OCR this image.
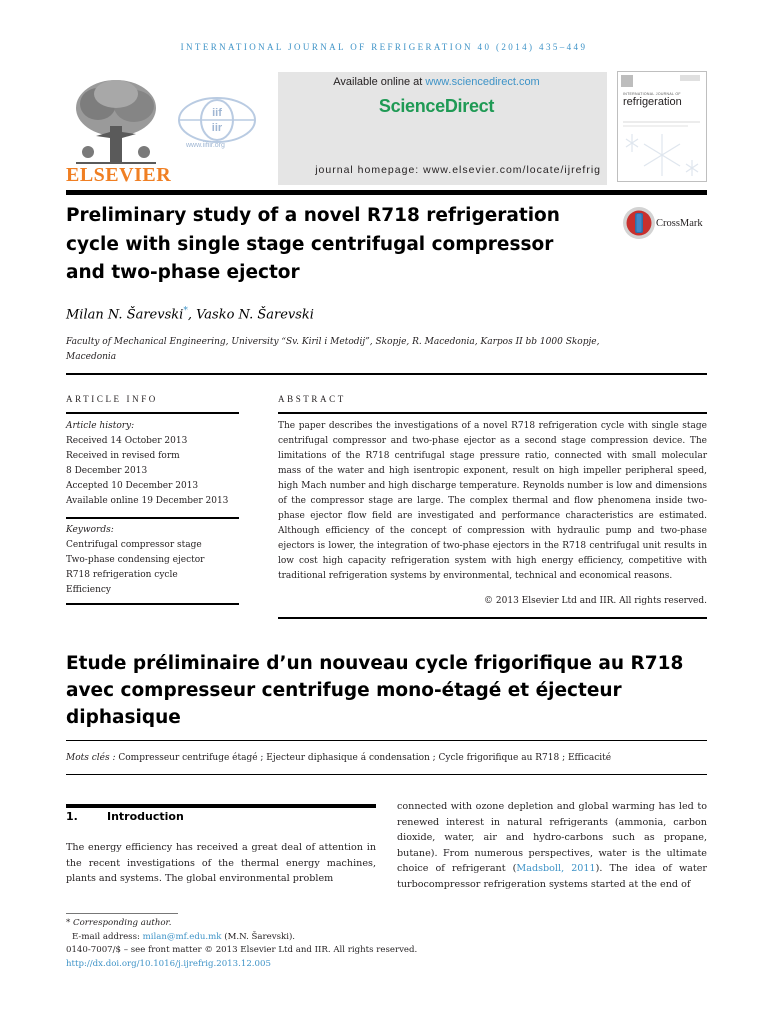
INTERNATIONAL JOURNAL OF REFRIGERATION 40 (2014) 435–449
ELSEVIER
iif
iir
www.iifiir.org
Available online at www.sciencedirect.com
ScienceDirect
journal homepage: www.elsevier.com/locate/ijrefrig
INTERNATIONAL JOURNAL OF
refrigeration
Preliminary study of a novel R718 refrigeration
cycle with single stage centrifugal compressor
and two-phase ejector
CrossMark
Milan N. Šarevski*, Vasko N. Šarevski
Faculty of Mechanical Engineering, University “Sv. Kiril i Metodij”, Skopje, R. Macedonia, Karpos II bb 1000 Skopje,
Macedonia
ARTICLE INFO	ABSTRACT
Article history:
Received 14 October 2013
Received in revised form
8 December 2013
Accepted 10 December 2013
Available online 19 December 2013
Keywords:
Centrifugal compressor stage
Two-phase condensing ejector
R718 refrigeration cycle
Efficiency

The paper describes the investigations of a novel R718 refrigeration cycle with single stage centrifugal compressor and two-phase ejector as a second stage compression device. The limitations of the R718 centrifugal stage pressure ratio, connected with small molecular mass of the water and high isentropic exponent, result on high impeller peripheral speed, high Mach number and high discharge temperature. Reynolds number is low and dimensions of the compressor stage are large. The complex thermal and flow phenomena inside two-phase ejector flow field are investigated and performance characteristics are estimated. Although efficiency of the concept of compression with hydraulic pump and two-phase ejectors is lower, the integration of two-phase ejectors in the R718 centrifugal unit results in low cost high capacity refrigeration system with high energy efficiency, competitive with traditional refrigeration systems by environmental, technical and economical reasons.

© 2013 Elsevier Ltd and IIR. All rights reserved.
Etude préliminaire d’un nouveau cycle frigorifique au R718
avec compresseur centrifuge mono-étagé et éjecteur
diphasique
Mots clés : Compresseur centrifuge étagé ; Ejecteur diphasique á condensation ; Cycle frigorifique au R718 ; Efficacité
1.	Introduction

The energy efficiency has received a great deal of attention in the recent investigations of the thermal energy machines, plants and systems. The global environmental problem

connected with ozone depletion and global warming has led to renewed interest in natural refrigerants (ammonia, carbon dioxide, water, air and hydro-carbons such as propane, butane). From numerous perspectives, water is the ultimate choice of refrigerant (Madsboll, 2011). The idea of water turbocompressor refrigeration systems started at the end of

* Corresponding author.
E-mail address: milan@mf.edu.mk (M.N. Šarevski).
0140-7007/$ – see front matter © 2013 Elsevier Ltd and IIR. All rights reserved.
http://dx.doi.org/10.1016/j.ijrefrig.2013.12.005
